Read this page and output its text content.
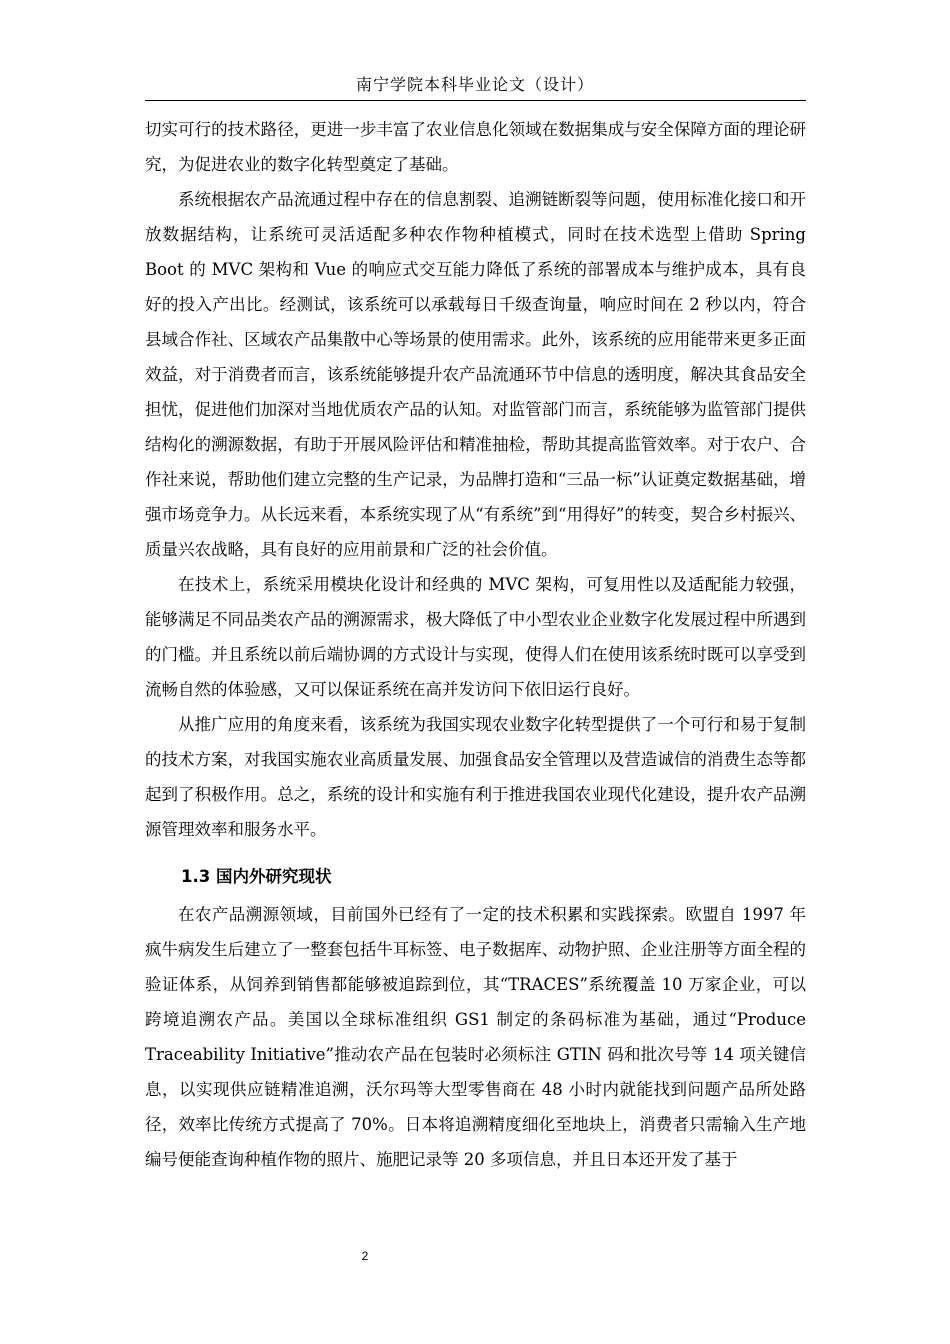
南宁学院本科毕业论文（设计）

切实可行的技术路径，更进一步丰富了农业信息化领域在数据集成与安全保障方面的理论研究，为促进农业的数字化转型奠定了基础。

系统根据农产品流通过程中存在的信息割裂、追溯链断裂等问题，使用标准化接口和开放数据结构，让系统可灵活适配多种农作物种植模式，同时在技术选型上借助 Spring Boot 的 MVC 架构和 Vue 的响应式交互能力降低了系统的部署成本与维护成本，具有良好的投入产出比。经测试，该系统可以承载每日千级查询量，响应时间在 2 秒以内，符合县域合作社、区域农产品集散中心等场景的使用需求。此外，该系统的应用能带来更多正面效益，对于消费者而言，该系统能够提升农产品流通环节中信息的透明度，解决其食品安全担忧，促进他们加深对当地优质农产品的认知。对监管部门而言，系统能够为监管部门提供结构化的溯源数据，有助于开展风险评估和精准抽检，帮助其提高监管效率。对于农户、合作社来说，帮助他们建立完整的生产记录，为品牌打造和“三品一标”认证奠定数据基础，增强市场竞争力。从长远来看，本系统实现了从“有系统”到“用得好”的转变，契合乡村振兴、质量兴农战略，具有良好的应用前景和广泛的社会价值。

在技术上，系统采用模块化设计和经典的 MVC 架构，可复用性以及适配能力较强，能够满足不同品类农产品的溯源需求，极大降低了中小型农业企业数字化发展过程中所遇到的门槛。并且系统以前后端协调的方式设计与实现，使得人们在使用该系统时既可以享受到流畅自然的体验感，又可以保证系统在高并发访问下依旧运行良好。

从推广应用的角度来看，该系统为我国实现农业数字化转型提供了一个可行和易于复制的技术方案，对我国实施农业高质量发展、加强食品安全管理以及营造诚信的消费生态等都起到了积极作用。总之，系统的设计和实施有利于推进我国农业现代化建设，提升农产品溯源管理效率和服务水平。

1.3 国内外研究现状

在农产品溯源领域，目前国外已经有了一定的技术积累和实践探索。欧盟自 1997 年疯牛病发生后建立了一整套包括牛耳标签、电子数据库、动物护照、企业注册等方面全程的验证体系，从饲养到销售都能够被追踪到位，其“TRACES”系统覆盖 10 万家企业，可以跨境追溯农产品。美国以全球标准组织 GS1 制定的条码标准为基础，通过“Produce Traceability Initiative”推动农产品在包装时必须标注 GTIN 码和批次号等 14 项关键信息，以实现供应链精准追溯，沃尔玛等大型零售商在 48 小时内就能找到问题产品所处路径，效率比传统方式提高了 70%。日本将追溯精度细化至地块上，消费者只需输入生产地编号便能查询种植作物的照片、施肥记录等 20 多项信息，并且日本还开发了基于

2
